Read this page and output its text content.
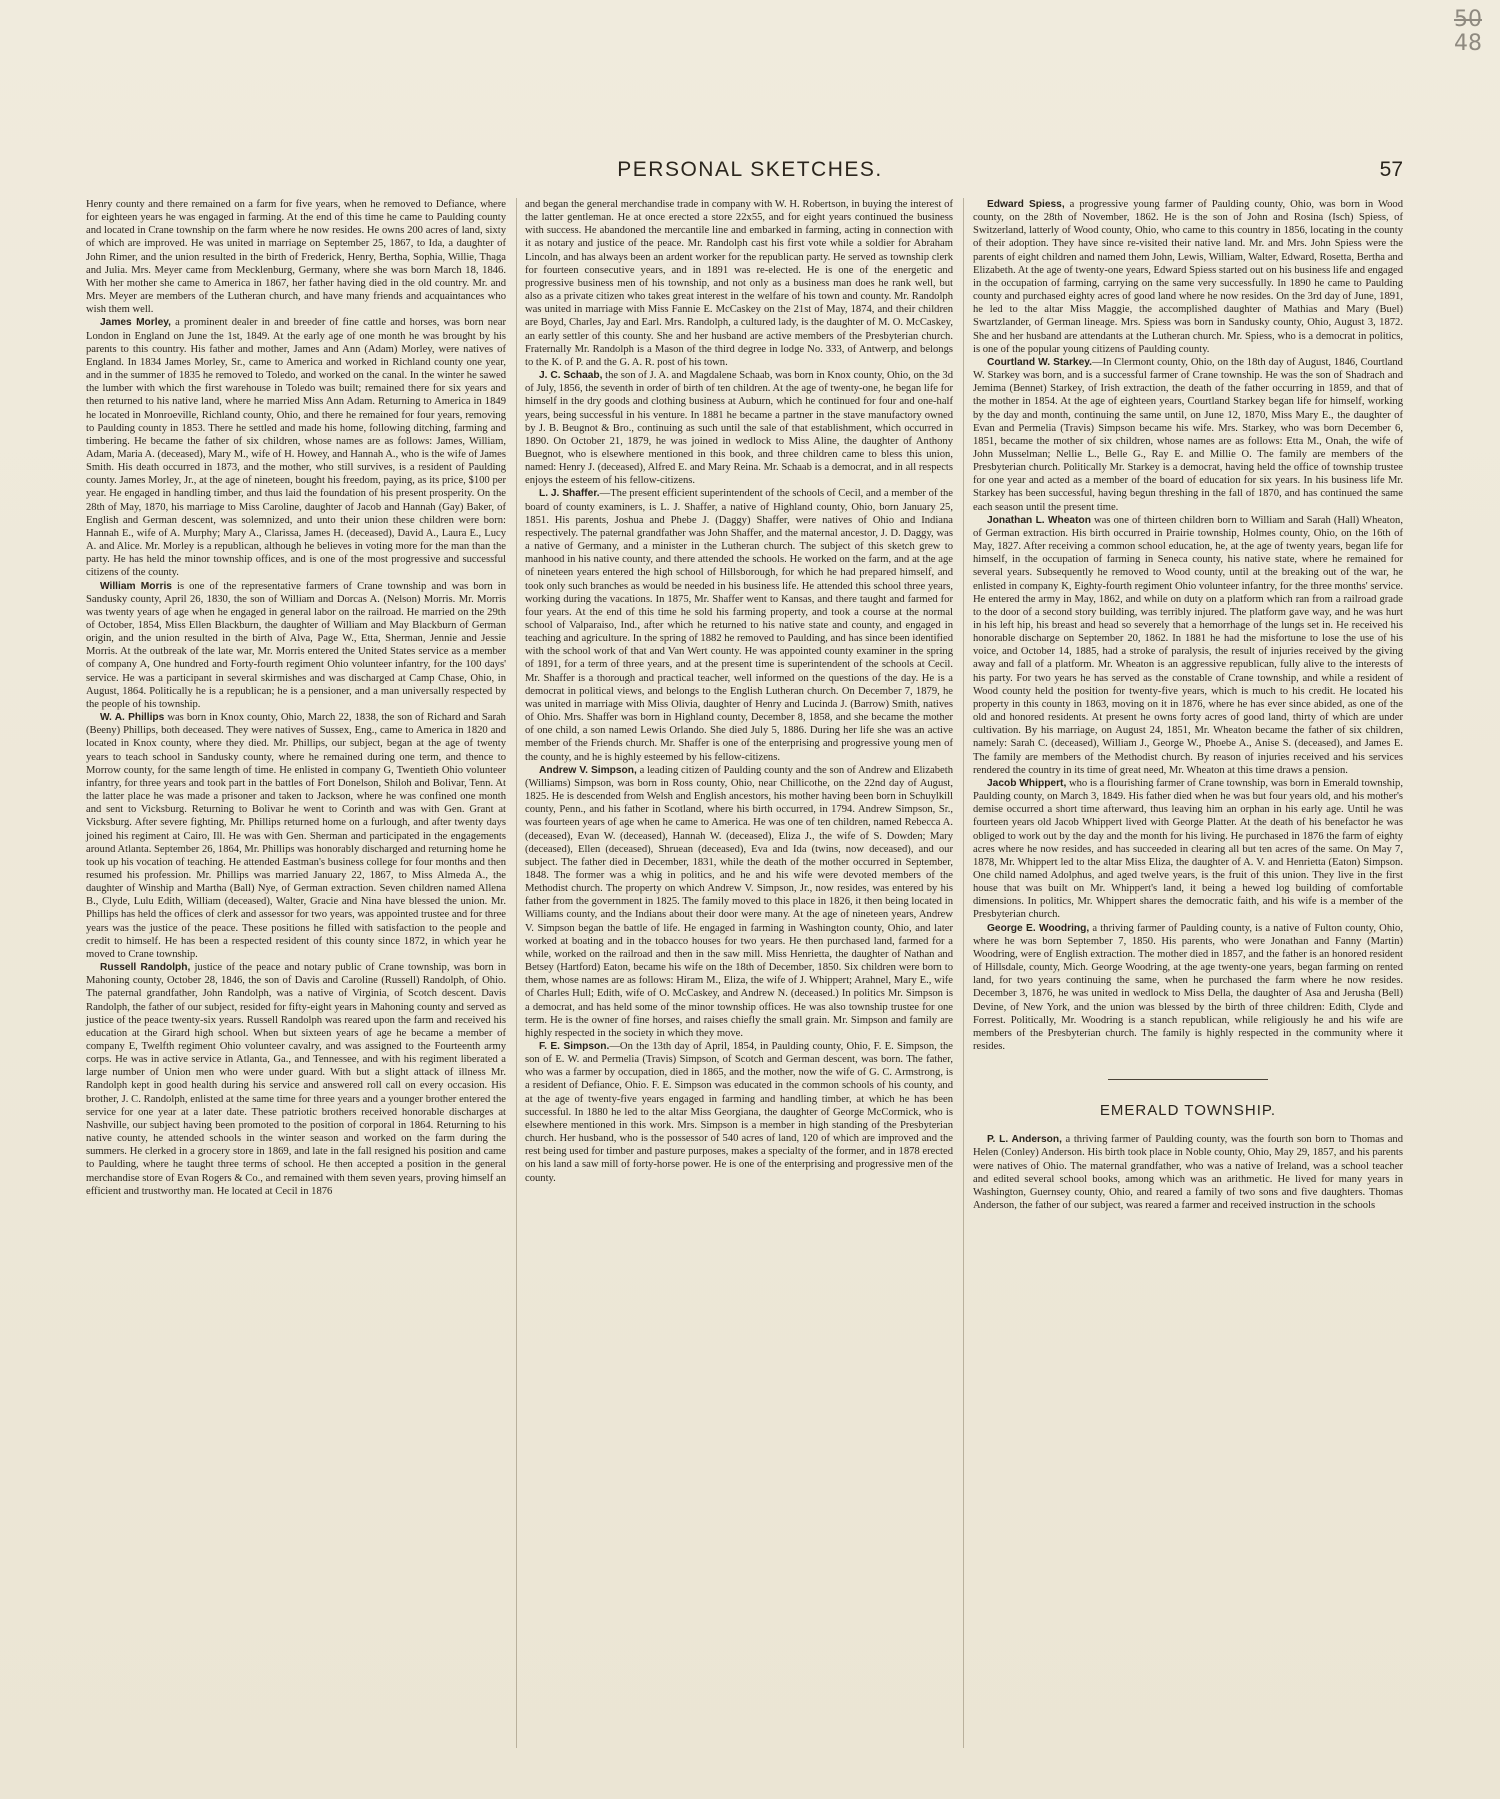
50
48
PERSONAL SKETCHES.	57

Henry county and there remained on a farm for five years, when he removed to Defiance, where for eighteen years he was engaged in farming. At the end of this time he came to Paulding county and located in Crane township on the farm where he now resides. He owns 200 acres of land, sixty of which are improved. He was united in marriage on September 25, 1867, to Ida, a daughter of John Rimer, and the union resulted in the birth of Frederick, Henry, Bertha, Sophia, Willie, Thaga and Julia. Mrs. Meyer came from Mecklenburg, Germany, where she was born March 18, 1846. With her mother she came to America in 1867, her father having died in the old country. Mr. and Mrs. Meyer are members of the Lutheran church, and have many friends and acquaintances who wish them well.

James Morley, a prominent dealer in and breeder of fine cattle and horses, was born near London in England on June the 1st, 1849. At the early age of one month he was brought by his parents to this country. His father and mother, James and Ann (Adam) Morley, were natives of England. In 1834 James Morley, Sr., came to America and worked in Richland county one year, and in the summer of 1835 he removed to Toledo, and worked on the canal. In the winter he sawed the lumber with which the first warehouse in Toledo was built; remained there for six years and then returned to his native land, where he married Miss Ann Adam. Returning to America in 1849 he located in Monroeville, Richland county, Ohio, and there he remained for four years, removing to Paulding county in 1853. There he settled and made his home, following ditching, farming and timbering. He became the father of six children, whose names are as follows: James, William, Adam, Maria A. (deceased), Mary M., wife of H. Howey, and Hannah A., who is the wife of James Smith. His death occurred in 1873, and the mother, who still survives, is a resident of Paulding county. James Morley, Jr., at the age of nineteen, bought his freedom, paying, as its price, $100 per year. He engaged in handling timber, and thus laid the foundation of his present prosperity. On the 28th of May, 1870, his marriage to Miss Caroline, daughter of Jacob and Hannah (Gay) Baker, of English and German descent, was solemnized, and unto their union these children were born: Hannah E., wife of A. Murphy; Mary A., Clarissa, James H. (deceased), David A., Laura E., Lucy A. and Alice. Mr. Morley is a republican, although he believes in voting more for the man than the party. He has held the minor township offices, and is one of the most progressive and successful citizens of the county.

William Morris is one of the representative farmers of Crane township and was born in Sandusky county, April 26, 1830, the son of William and Dorcas A. (Nelson) Morris. Mr. Morris was twenty years of age when he engaged in general labor on the railroad. He married on the 29th of October, 1854, Miss Ellen Blackburn, the daughter of William and May Blackburn of German origin, and the union resulted in the birth of Alva, Page W., Etta, Sherman, Jennie and Jessie Morris. At the outbreak of the late war, Mr. Morris entered the United States service as a member of company A, One hundred and Forty-fourth regiment Ohio volunteer infantry, for the 100 days' service. He was a participant in several skirmishes and was discharged at Camp Chase, Ohio, in August, 1864. Politically he is a republican; he is a pensioner, and a man universally respected by the people of his township.

W. A. Phillips was born in Knox county, Ohio, March 22, 1838, the son of Richard and Sarah (Beeny) Phillips, both deceased. They were natives of Sussex, Eng., came to America in 1820 and located in Knox county, where they died. Mr. Phillips, our subject, began at the age of twenty years to teach school in Sandusky county, where he remained during one term, and thence to Morrow county, for the same length of time. He enlisted in company G, Twentieth Ohio volunteer infantry, for three years and took part in the battles of Fort Donelson, Shiloh and Bolivar, Tenn. At the latter place he was made a prisoner and taken to Jackson, where he was confined one month and sent to Vicksburg. Returning to Bolivar he went to Corinth and was with Gen. Grant at Vicksburg. After severe fighting, Mr. Phillips returned home on a furlough, and after twenty days joined his regiment at Cairo, Ill. He was with Gen. Sherman and participated in the engagements around Atlanta. September 26, 1864, Mr. Phillips was honorably discharged and returning home he took up his vocation of teaching. He attended Eastman's business college for four months and then resumed his profession. Mr. Phillips was married January 22, 1867, to Miss Almeda A., the daughter of Winship and Martha (Ball) Nye, of German extraction. Seven children named Allena B., Clyde, Lulu Edith, William (deceased), Walter, Gracie and Nina have blessed the union. Mr. Phillips has held the offices of clerk and assessor for two years, was appointed trustee and for three years was the justice of the peace. These positions he filled with satisfaction to the people and credit to himself. He has been a respected resident of this county since 1872, in which year he moved to Crane township.

Russell Randolph, justice of the peace and notary public of Crane township, was born in Mahoning county, October 28, 1846, the son of Davis and Caroline (Russell) Randolph, of Ohio. The paternal grandfather, John Randolph, was a native of Virginia, of Scotch descent. Davis Randolph, the father of our subject, resided for fifty-eight years in Mahoning county and served as justice of the peace twenty-six years. Russell Randolph was reared upon the farm and received his education at the Girard high school. When but sixteen years of age he became a member of company E, Twelfth regiment Ohio volunteer cavalry, and was assigned to the Fourteenth army corps. He was in active service in Atlanta, Ga., and Tennessee, and with his regiment liberated a large number of Union men who were under guard. With but a slight attack of illness Mr. Randolph kept in good health during his service and answered roll call on every occasion. His brother, J. C. Randolph, enlisted at the same time for three years and a younger brother entered the service for one year at a later date. These patriotic brothers received honorable discharges at Nashville, our subject having been promoted to the position of corporal in 1864. Returning to his native county, he attended schools in the winter season and worked on the farm during the summers. He clerked in a grocery store in 1869, and late in the fall resigned his position and came to Paulding, where he taught three terms of school. He then accepted a position in the general merchandise store of Evan Rogers & Co., and remained with them seven years, proving himself an efficient and trustworthy man. He located at Cecil in 1876

and began the general merchandise trade in company with W. H. Robertson, in buying the interest of the latter gentleman. He at once erected a store 22x55, and for eight years continued the business with success. He abandoned the mercantile line and embarked in farming, acting in connection with it as notary and justice of the peace. Mr. Randolph cast his first vote while a soldier for Abraham Lincoln, and has always been an ardent worker for the republican party. He served as township clerk for fourteen consecutive years, and in 1891 was re-elected. He is one of the energetic and progressive business men of his township, and not only as a business man does he rank well, but also as a private citizen who takes great interest in the welfare of his town and county. Mr. Randolph was united in marriage with Miss Fannie E. McCaskey on the 21st of May, 1874, and their children are Boyd, Charles, Jay and Earl. Mrs. Randolph, a cultured lady, is the daughter of M. O. McCaskey, an early settler of this county. She and her husband are active members of the Presbyterian church. Fraternally Mr. Randolph is a Mason of the third degree in lodge No. 333, of Antwerp, and belongs to the K. of P. and the G. A. R. post of his town.

J. C. Schaab, the son of J. A. and Magdalene Schaab, was born in Knox county, Ohio, on the 3d of July, 1856, the seventh in order of birth of ten children. At the age of twenty-one, he began life for himself in the dry goods and clothing business at Auburn, which he continued for four and one-half years, being successful in his venture. In 1881 he became a partner in the stave manufactory owned by J. B. Beugnot & Bro., continuing as such until the sale of that establishment, which occurred in 1890. On October 21, 1879, he was joined in wedlock to Miss Aline, the daughter of Anthony Buegnot, who is elsewhere mentioned in this book, and three children came to bless this union, named: Henry J. (deceased), Alfred E. and Mary Reina. Mr. Schaab is a democrat, and in all respects enjoys the esteem of his fellow-citizens.

L. J. Shaffer.—The present efficient superintendent of the schools of Cecil, and a member of the board of county examiners, is L. J. Shaffer, a native of Highland county, Ohio, born January 25, 1851. His parents, Joshua and Phebe J. (Daggy) Shaffer, were natives of Ohio and Indiana respectively. The paternal grandfather was John Shaffer, and the maternal ancestor, J. D. Daggy, was a native of Germany, and a minister in the Lutheran church. The subject of this sketch grew to manhood in his native county, and there attended the schools. He worked on the farm, and at the age of nineteen years entered the high school of Hillsborough, for which he had prepared himself, and took only such branches as would be needed in his business life. He attended this school three years, working during the vacations. In 1875, Mr. Shaffer went to Kansas, and there taught and farmed for four years. At the end of this time he sold his farming property, and took a course at the normal school of Valparaiso, Ind., after which he returned to his native state and county, and engaged in teaching and agriculture. In the spring of 1882 he removed to Paulding, and has since been identified with the school work of that and Van Wert county. He was appointed county examiner in the spring of 1891, for a term of three years, and at the present time is superintendent of the schools at Cecil. Mr. Shaffer is a thorough and practical teacher, well informed on the questions of the day. He is a democrat in political views, and belongs to the English Lutheran church. On December 7, 1879, he was united in marriage with Miss Olivia, daughter of Henry and Lucinda J. (Barrow) Smith, natives of Ohio. Mrs. Shaffer was born in Highland county, December 8, 1858, and she became the mother of one child, a son named Lewis Orlando. She died July 5, 1886. During her life she was an active member of the Friends church. Mr. Shaffer is one of the enterprising and progressive young men of the county, and he is highly esteemed by his fellow-citizens.

Andrew V. Simpson, a leading citizen of Paulding county and the son of Andrew and Elizabeth (Williams) Simpson, was born in Ross county, Ohio, near Chillicothe, on the 22nd day of August, 1825. He is descended from Welsh and English ancestors, his mother having been born in Schuylkill county, Penn., and his father in Scotland, where his birth occurred, in 1794. Andrew Simpson, Sr., was fourteen years of age when he came to America. He was one of ten children, named Rebecca A. (deceased), Evan W. (deceased), Hannah W. (deceased), Eliza J., the wife of S. Dowden; Mary (deceased), Ellen (deceased), Shruean (deceased), Eva and Ida (twins, now deceased), and our subject. The father died in December, 1831, while the death of the mother occurred in September, 1848. The former was a whig in politics, and he and his wife were devoted members of the Methodist church. The property on which Andrew V. Simpson, Jr., now resides, was entered by his father from the government in 1825. The family moved to this place in 1826, it then being located in Williams county, and the Indians about their door were many. At the age of nineteen years, Andrew V. Simpson began the battle of life. He engaged in farming in Washington county, Ohio, and later worked at boating and in the tobacco houses for two years. He then purchased land, farmed for a while, worked on the railroad and then in the saw mill. Miss Henrietta, the daughter of Nathan and Betsey (Hartford) Eaton, became his wife on the 18th of December, 1850. Six children were born to them, whose names are as follows: Hiram M., Eliza, the wife of J. Whippert; Arahnel, Mary E., wife of Charles Hull; Edith, wife of O. McCaskey, and Andrew N. (deceased.) In politics Mr. Simpson is a democrat, and has held some of the minor township offices. He was also township trustee for one term. He is the owner of fine horses, and raises chiefly the small grain. Mr. Simpson and family are highly respected in the society in which they move.

F. E. Simpson.—On the 13th day of April, 1854, in Paulding county, Ohio, F. E. Simpson, the son of E. W. and Permelia (Travis) Simpson, of Scotch and German descent, was born. The father, who was a farmer by occupation, died in 1865, and the mother, now the wife of G. C. Armstrong, is a resident of Defiance, Ohio. F. E. Simpson was educated in the common schools of his county, and at the age of twenty-five years engaged in farming and handling timber, at which he has been successful. In 1880 he led to the altar Miss Georgiana, the daughter of George McCormick, who is elsewhere mentioned in this work. Mrs. Simpson is a member in high standing of the Presbyterian church. Her husband, who is the possessor of 540 acres of land, 120 of which are improved and the rest being used for timber and pasture purposes, makes a specialty of the former, and in 1878 erected on his land a saw mill of forty-horse power. He is one of the enterprising and progressive men of the county.

Edward Spiess, a progressive young farmer of Paulding county, Ohio, was born in Wood county, on the 28th of November, 1862. He is the son of John and Rosina (Isch) Spiess, of Switzerland, latterly of Wood county, Ohio, who came to this country in 1856, locating in the county of their adoption. They have since re-visited their native land. Mr. and Mrs. John Spiess were the parents of eight children and named them John, Lewis, William, Walter, Edward, Rosetta, Bertha and Elizabeth. At the age of twenty-one years, Edward Spiess started out on his business life and engaged in the occupation of farming, carrying on the same very successfully. In 1890 he came to Paulding county and purchased eighty acres of good land where he now resides. On the 3rd day of June, 1891, he led to the altar Miss Maggie, the accomplished daughter of Mathias and Mary (Buel) Swartzlander, of German lineage. Mrs. Spiess was born in Sandusky county, Ohio, August 3, 1872. She and her husband are attendants at the Lutheran church. Mr. Spiess, who is a democrat in politics, is one of the popular young citizens of Paulding county.

Courtland W. Starkey.—In Clermont county, Ohio, on the 18th day of August, 1846, Courtland W. Starkey was born, and is a successful farmer of Crane township. He was the son of Shadrach and Jemima (Bennet) Starkey, of Irish extraction, the death of the father occurring in 1859, and that of the mother in 1854. At the age of eighteen years, Courtland Starkey began life for himself, working by the day and month, continuing the same until, on June 12, 1870, Miss Mary E., the daughter of Evan and Permelia (Travis) Simpson became his wife. Mrs. Starkey, who was born December 6, 1851, became the mother of six children, whose names are as follows: Etta M., Onah, the wife of John Musselman; Nellie L., Belle G., Ray E. and Millie O. The family are members of the Presbyterian church. Politically Mr. Starkey is a democrat, having held the office of township trustee for one year and acted as a member of the board of education for six years. In his business life Mr. Starkey has been successful, having begun threshing in the fall of 1870, and has continued the same each season until the present time.

Jonathan L. Wheaton was one of thirteen children born to William and Sarah (Hall) Wheaton, of German extraction. His birth occurred in Prairie township, Holmes county, Ohio, on the 16th of May, 1827. After receiving a common school education, he, at the age of twenty years, began life for himself, in the occupation of farming in Seneca county, his native state, where he remained for several years. Subsequently he removed to Wood county, until at the breaking out of the war, he enlisted in company K, Eighty-fourth regiment Ohio volunteer infantry, for the three months' service. He entered the army in May, 1862, and while on duty on a platform which ran from a railroad grade to the door of a second story building, was terribly injured. The platform gave way, and he was hurt in his left hip, his breast and head so severely that a hemorrhage of the lungs set in. He received his honorable discharge on September 20, 1862. In 1881 he had the misfortune to lose the use of his voice, and October 14, 1885, had a stroke of paralysis, the result of injuries received by the giving away and fall of a platform. Mr. Wheaton is an aggressive republican, fully alive to the interests of his party. For two years he has served as the constable of Crane township, and while a resident of Wood county held the position for twenty-five years, which is much to his credit. He located his property in this county in 1863, moving on it in 1876, where he has ever since abided, as one of the old and honored residents. At present he owns forty acres of good land, thirty of which are under cultivation. By his marriage, on August 24, 1851, Mr. Wheaton became the father of six children, namely: Sarah C. (deceased), William J., George W., Phoebe A., Anise S. (deceased), and James E. The family are members of the Methodist church. By reason of injuries received and his services rendered the country in its time of great need, Mr. Wheaton at this time draws a pension.

Jacob Whippert, who is a flourishing farmer of Crane township, was born in Emerald township, Paulding county, on March 3, 1849. His father died when he was but four years old, and his mother's demise occurred a short time afterward, thus leaving him an orphan in his early age. Until he was fourteen years old Jacob Whippert lived with George Platter. At the death of his benefactor he was obliged to work out by the day and the month for his living. He purchased in 1876 the farm of eighty acres where he now resides, and has succeeded in clearing all but ten acres of the same. On May 7, 1878, Mr. Whippert led to the altar Miss Eliza, the daughter of A. V. and Henrietta (Eaton) Simpson. One child named Adolphus, and aged twelve years, is the fruit of this union. They live in the first house that was built on Mr. Whippert's land, it being a hewed log building of comfortable dimensions. In politics, Mr. Whippert shares the democratic faith, and his wife is a member of the Presbyterian church.

George E. Woodring, a thriving farmer of Paulding county, is a native of Fulton county, Ohio, where he was born September 7, 1850. His parents, who were Jonathan and Fanny (Martin) Woodring, were of English extraction. The mother died in 1857, and the father is an honored resident of Hillsdale, county, Mich. George Woodring, at the age twenty-one years, began farming on rented land, for two years continuing the same, when he purchased the farm where he now resides. December 3, 1876, he was united in wedlock to Miss Della, the daughter of Asa and Jerusha (Bell) Devine, of New York, and the union was blessed by the birth of three children: Edith, Clyde and Forrest. Politically, Mr. Woodring is a stanch republican, while religiously he and his wife are members of the Presbyterian church. The family is highly respected in the community where it resides.

EMERALD TOWNSHIP.

P. L. Anderson, a thriving farmer of Paulding county, was the fourth son born to Thomas and Helen (Conley) Anderson. His birth took place in Noble county, Ohio, May 29, 1857, and his parents were natives of Ohio. The maternal grandfather, who was a native of Ireland, was a school teacher and edited several school books, among which was an arithmetic. He lived for many years in Washington, Guernsey county, Ohio, and reared a family of two sons and five daughters. Thomas Anderson, the father of our subject, was reared a farmer and received instruction in the schools
